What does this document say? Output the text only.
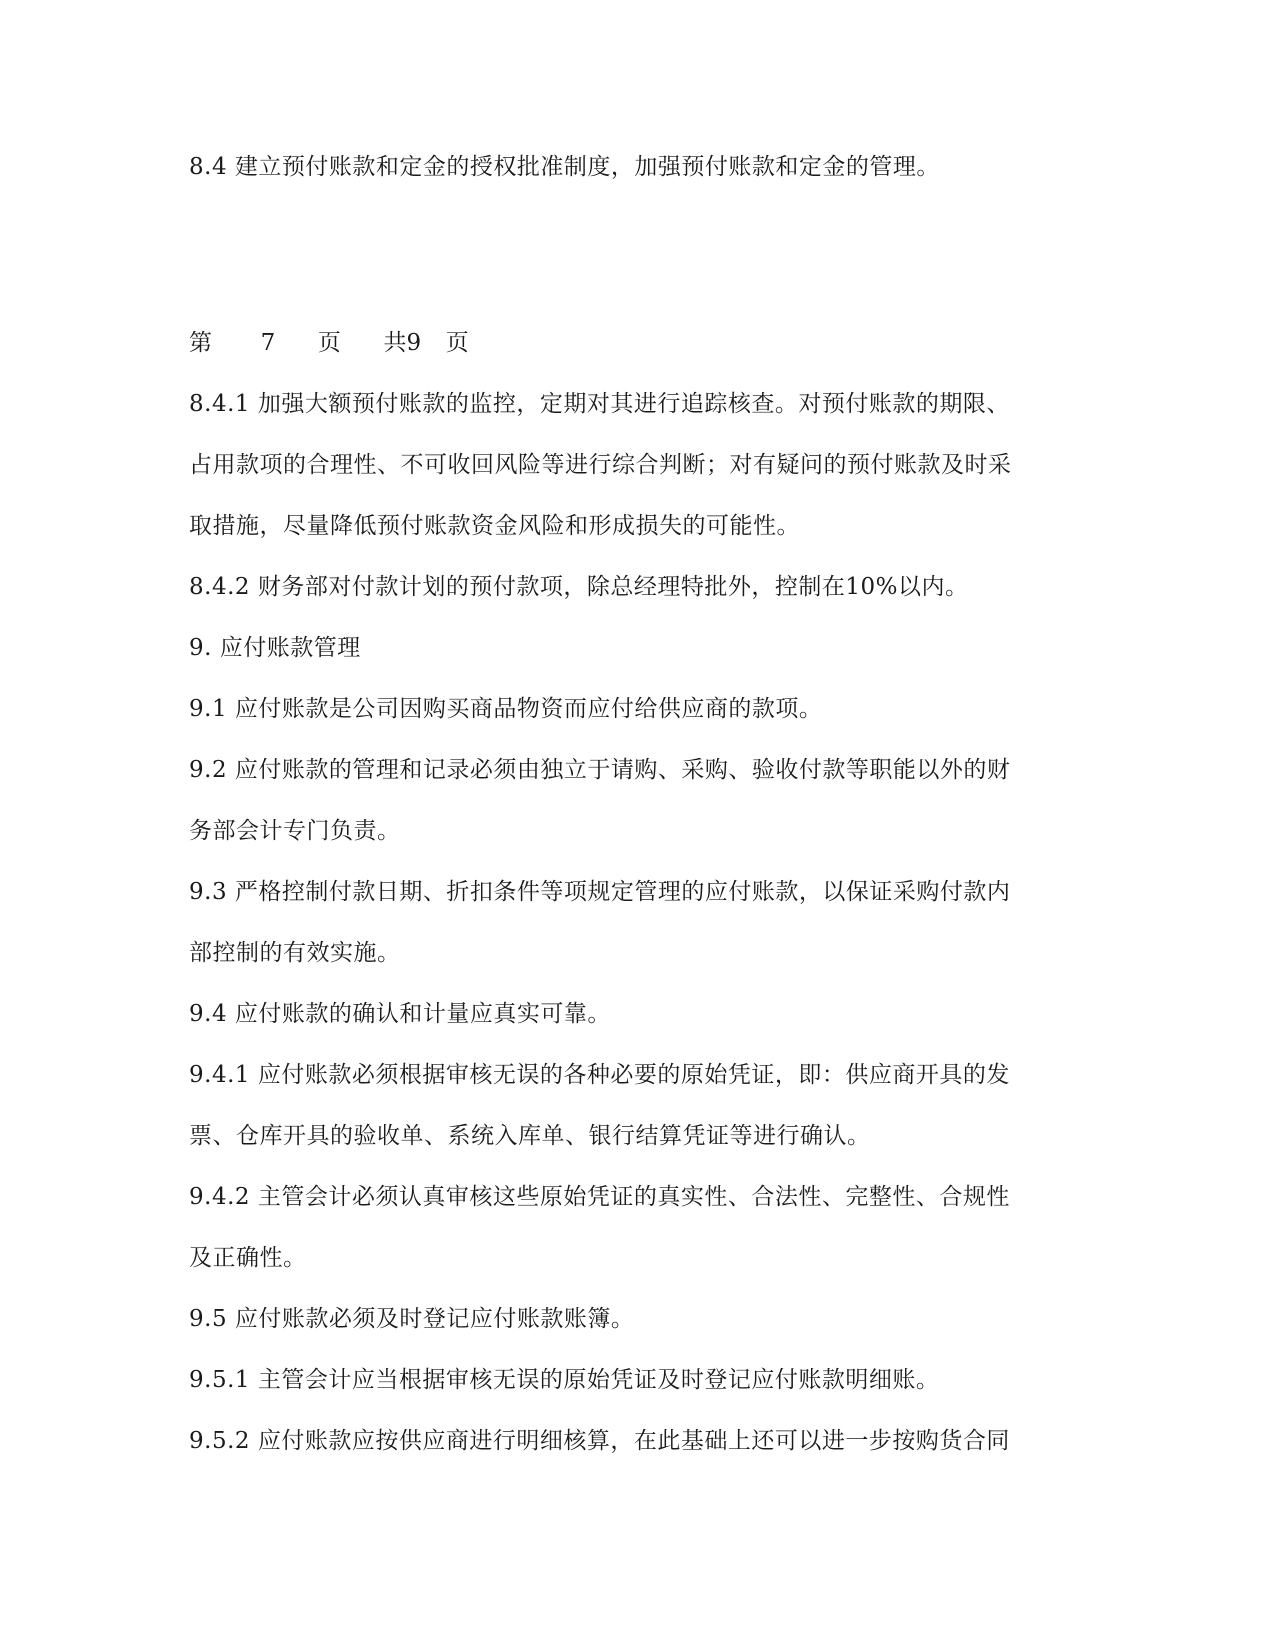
8.4 建立预付账款和定金的授权批准制度，加强预付账款和定金的管理。
第 7 页 共9 页
8.4.1 加强大额预付账款的监控，定期对其进行追踪核查。对预付账款的期限、
占用款项的合理性、不可收回风险等进行综合判断；对有疑问的预付账款及时采
取措施，尽量降低预付账款资金风险和形成损失的可能性。
8.4.2 财务部对付款计划的预付款项，除总经理特批外，控制在10%以内。
9. 应付账款管理
9.1 应付账款是公司因购买商品物资而应付给供应商的款项。
9.2 应付账款的管理和记录必须由独立于请购、采购、验收付款等职能以外的财
务部会计专门负责。
9.3 严格控制付款日期、折扣条件等项规定管理的应付账款，以保证采购付款内
部控制的有效实施。
9.4 应付账款的确认和计量应真实可靠。
9.4.1 应付账款必须根据审核无误的各种必要的原始凭证，即：供应商开具的发
票、仓库开具的验收单、系统入库单、银行结算凭证等进行确认。
9.4.2 主管会计必须认真审核这些原始凭证的真实性、合法性、完整性、合规性
及正确性。
9.5 应付账款必须及时登记应付账款账簿。
9.5.1 主管会计应当根据审核无误的原始凭证及时登记应付账款明细账。
9.5.2 应付账款应按供应商进行明细核算，在此基础上还可以进一步按购货合同
